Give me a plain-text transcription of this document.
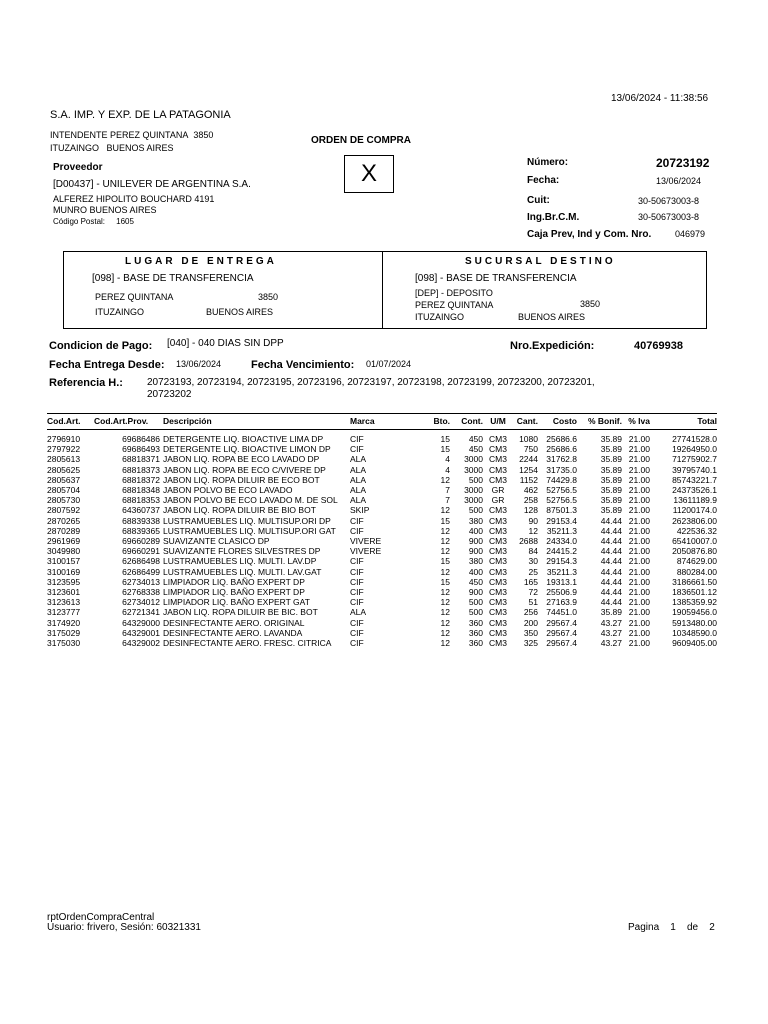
13/06/2024 - 11:38:56
S.A. IMP. Y EXP. DE LA PATAGONIA
INTENDENTE PEREZ QUINTANA 3850
ITUZAINGO BUENOS AIRES
ORDEN DE COMPRA
X
Proveedor
[D00437] - UNILEVER DE ARGENTINA S.A.
ALFEREZ HIPOLITO BOUCHARD 4191
MUNRO BUENOS AIRES
Código Postal: 1605
Número:	20723192
Fecha:	13/06/2024
Cuit:	30-50673003-8
Ing.Br.C.M.	30-50673003-8
Caja Prev, Ind y Com. Nro.	046979
LUGAR DE ENTREGA
[098] - BASE DE TRANSFERENCIA
PEREZ QUINTANA	3850
ITUZAINGO	BUENOS AIRES
SUCURSAL DESTINO
[098] - BASE DE TRANSFERENCIA
[DEP] - DEPOSITO
PEREZ QUINTANA	3850
ITUZAINGO	BUENOS AIRES
Condicion de Pago: [040] - 040 DIAS SIN DPP	Nro.Expedición:	40769938
Fecha Entrega Desde: 13/06/2024	Fecha Vencimiento: 01/07/2024
Referencia H.: 20723193, 20723194, 20723195, 20723196, 20723197, 20723198, 20723199, 20723200, 20723201,
20723202
Cod.Art.	Cod.Art.Prov.	Descripción	Marca	Bto.	Cont.	U/M	Cant.	Costo	% Bonif.	% Iva	Total
2796910	69686486	DETERGENTE LIQ. BIOACTIVE LIMA DP	CIF	15	450	CM3	1080	25686.6	35.89	21.00	27741528.0
2797922	69686493	DETERGENTE LIQ. BIOACTIVE LIMON DP	CIF	15	450	CM3	750	25686.6	35.89	21.00	19264950.0
2805613	68818371	JABON LIQ. ROPA BE ECO LAVADO DP	ALA	4	3000	CM3	2244	31762.8	35.89	21.00	71275902.7
2805625	68818373	JABON LIQ. ROPA BE ECO C/VIVERE DP	ALA	4	3000	CM3	1254	31735.0	35.89	21.00	39795740.1
2805637	68818372	JABON LIQ. ROPA DILUIR BE ECO BOT	ALA	12	500	CM3	1152	74429.8	35.89	21.00	85743221.7
2805704	68818348	JABON POLVO BE ECO LAVADO	ALA	7	3000	GR	462	52756.5	35.89	21.00	24373526.1
2805730	68818353	JABON POLVO BE ECO LAVADO M. DE SOL	ALA	7	3000	GR	258	52756.5	35.89	21.00	13611189.9
2807592	64360737	JABON LIQ. ROPA DILUIR BE BIO BOT	SKIP	12	500	CM3	128	87501.3	35.89	21.00	11200174.0
2870265	68839338	LUSTRAMUEBLES LIQ. MULTISUP.ORI DP	CIF	15	380	CM3	90	29153.4	44.44	21.00	2623806.00
2870289	68839365	LUSTRAMUEBLES LIQ. MULTISUP.ORI GAT	CIF	12	400	CM3	12	35211.3	44.44	21.00	422536.32
2961969	69660289	SUAVIZANTE CLASICO DP	VIVERE	12	900	CM3	2688	24334.0	44.44	21.00	65410007.0
3049980	69660291	SUAVIZANTE FLORES SILVESTRES DP	VIVERE	12	900	CM3	84	24415.2	44.44	21.00	2050876.80
3100157	62686498	LUSTRAMUEBLES LIQ. MULTI. LAV.DP	CIF	15	380	CM3	30	29154.3	44.44	21.00	874629.00
3100169	62686499	LUSTRAMUEBLES LIQ. MULTI. LAV.GAT	CIF	12	400	CM3	25	35211.3	44.44	21.00	880284.00
3123595	62734013	LIMPIADOR LIQ. BAÑO EXPERT DP	CIF	15	450	CM3	165	19313.1	44.44	21.00	3186661.50
3123601	62768338	LIMPIADOR LIQ. BAÑO EXPERT DP	CIF	12	900	CM3	72	25506.9	44.44	21.00	1836501.12
3123613	62734012	LIMPIADOR LIQ. BAÑO EXPERT GAT	CIF	12	500	CM3	51	27163.9	44.44	21.00	1385359.92
3123777	62721341	JABON LIQ. ROPA DILUIR BE BIC. BOT	ALA	12	500	CM3	256	74451.0	35.89	21.00	19059456.0
3174920	64329000	DESINFECTANTE AERO. ORIGINAL	CIF	12	360	CM3	200	29567.4	43.27	21.00	5913480.00
3175029	64329001	DESINFECTANTE AERO. LAVANDA	CIF	12	360	CM3	350	29567.4	43.27	21.00	10348590.0
3175030	64329002	DESINFECTANTE AERO. FRESC. CITRICA	CIF	12	360	CM3	325	29567.4	43.27	21.00	9609405.00
rptOrdenCompraCentral
Usuario: frivero, Sesión: 60321331	Pagina 1 de 2
